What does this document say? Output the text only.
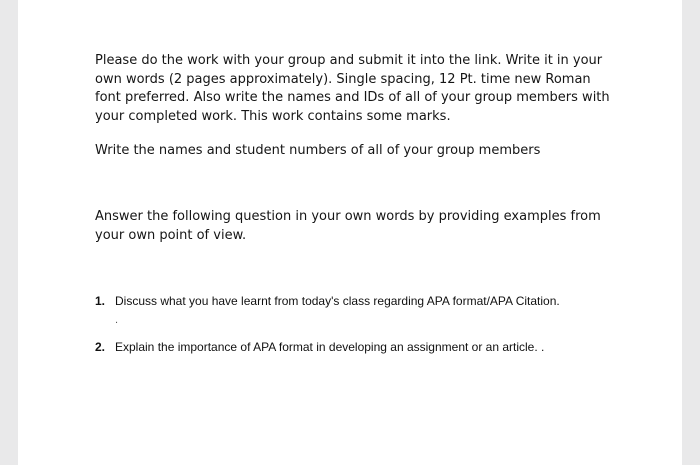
Please do the work with your group and submit it into the link. Write it in your own words (2 pages approximately). Single spacing, 12 Pt. time new Roman font preferred. Also write the names and IDs of all of your group members with your completed work. This work contains some marks.

Write the names and student numbers of all of your group members

Answer the following question in your own words by providing examples from your own point of view.

1. Discuss what you have learnt from today's class regarding APA format/APA Citation.
.
2. Explain the importance of APA format in developing an assignment or an article. .
